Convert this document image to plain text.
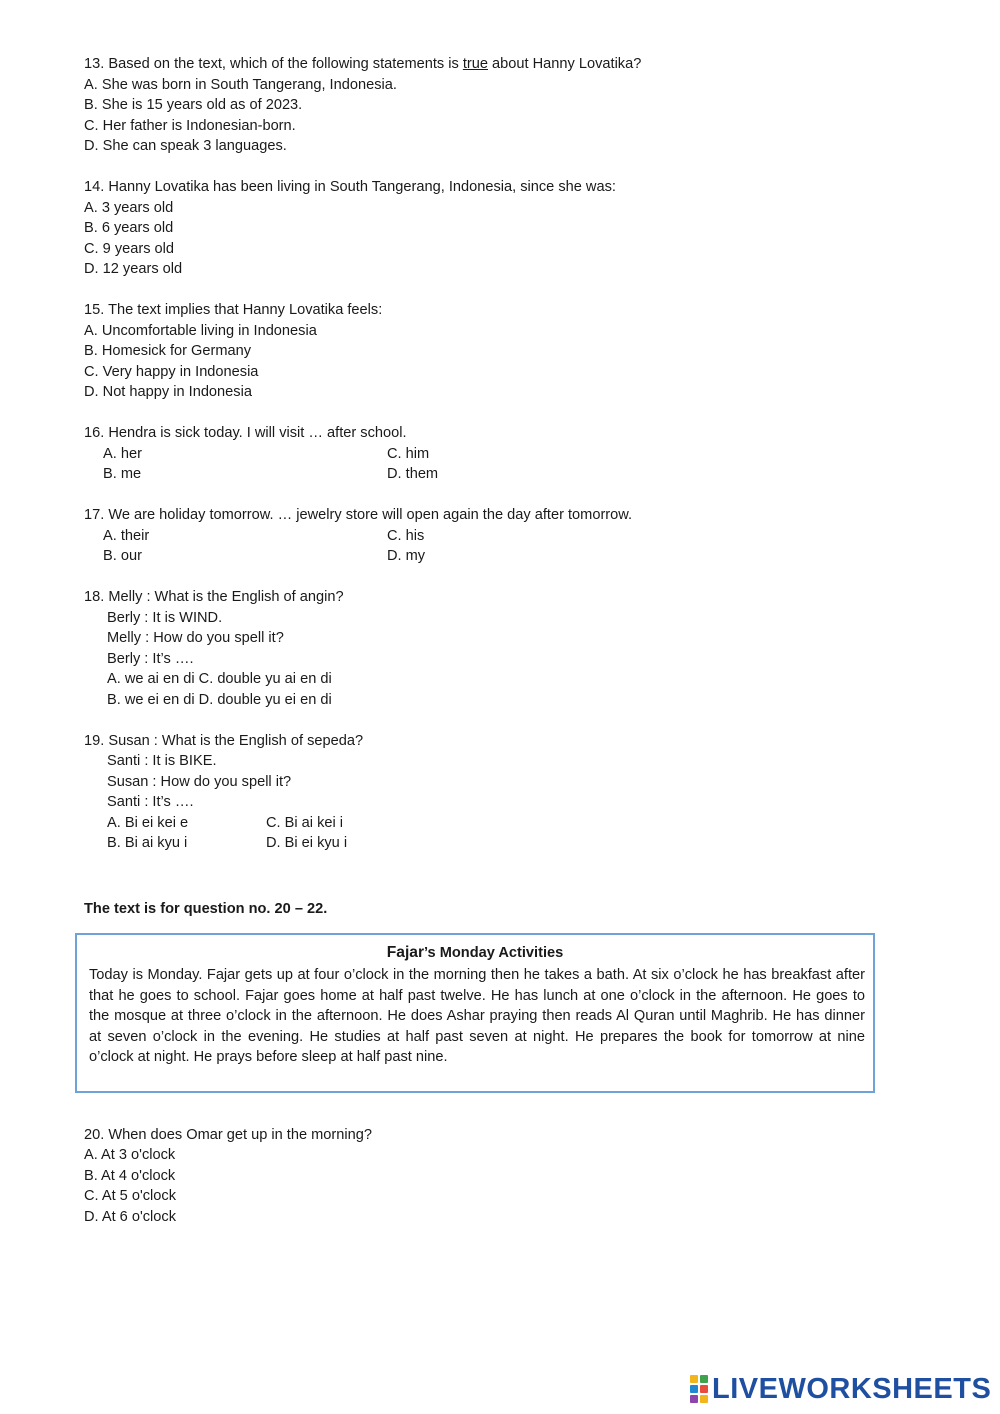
13. Based on the text, which of the following statements is true about Hanny Lovatika?
A. She was born in South Tangerang, Indonesia.
B. She is 15 years old as of 2023.
C. Her father is Indonesian-born.
D. She can speak 3 languages.
14. Hanny Lovatika has been living in South Tangerang, Indonesia, since she was:
A. 3 years old
B. 6 years old
C. 9 years old
D. 12 years old
15. The text implies that Hanny Lovatika feels:
A. Uncomfortable living in Indonesia
B. Homesick for Germany
C. Very happy in Indonesia
D. Not happy in Indonesia
16. Hendra is sick today. I will visit … after school.
A. her	C. him
B. me	D. them
17. We are holiday tomorrow. … jewelry store will open again the day after tomorrow.
A. their	C. his
B. our	D. my
18. Melly : What is the English of angin?
Berly : It is WIND.
Melly : How do you spell it?
Berly : It’s ….
A. we ai en di C. double yu ai en di
B. we ei en di D. double yu ei en di
19. Susan : What is the English of sepeda?
Santi : It is BIKE.
Susan : How do you spell it?
Santi : It’s ….
A. Bi ei kei e	C. Bi ai kei i
B. Bi ai kyu i	D. Bi ei kyu i
The text is for question no. 20 – 22.
Fajar’s Monday Activities
Today is Monday. Fajar gets up at four o’clock in the morning then he takes a bath. At six o’clock he has breakfast after that he goes to school. Fajar goes home at half past twelve. He has lunch at one o’clock in the afternoon. He goes to the mosque at three o’clock in the afternoon. He does Ashar praying then reads Al Quran until Maghrib. He has dinner at seven o’clock in the evening. He studies at half past seven at night. He prepares the book for tomorrow at nine o’clock at night. He prays before sleep at half past nine.
20. When does Omar get up in the morning?
A. At 3 o'clock
B. At 4 o'clock
C. At 5 o'clock
D. At 6 o'clock
LIVEWORKSHEETS
